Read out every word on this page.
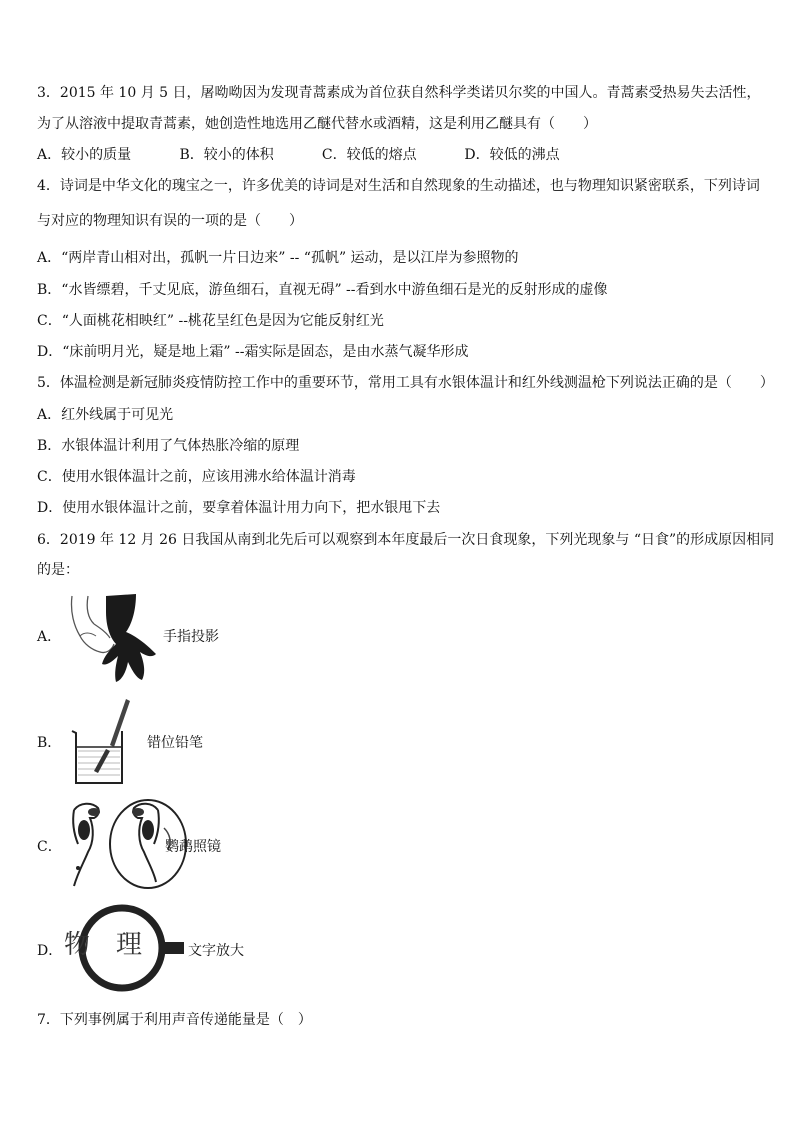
3．2015 年 10 月 5 日，屠呦呦因为发现青蒿素成为首位获自然科学类诺贝尔奖的中国人。青蒿素受热易失去活性，
为了从溶液中提取青蒿素，她创造性地选用乙醚代替水或酒精，这是利用乙醚具有（　　）
A．较小的质量	B．较小的体积	C．较低的熔点	D．较低的沸点
4．诗词是中华文化的瑰宝之一，许多优美的诗词是对生活和自然现象的生动描述，也与物理知识紧密联系，下列诗词
与对应的物理知识有误的一项的是（　　）
A．“两岸青山相对出，孤帆一片日边来” -- “孤帆” 运动，是以江岸为参照物的
B．“水皆缥碧，千丈见底，游鱼细石，直视无碍” --看到水中游鱼细石是光的反射形成的虚像
C．“人面桃花相映红” --桃花呈红色是因为它能反射红光
D．“床前明月光，疑是地上霜” --霜实际是固态，是由水蒸气凝华形成
5．体温检测是新冠肺炎疫情防控工作中的重要环节，常用工具有水银体温计和红外线测温枪下列说法正确的是（　　）
A．红外线属于可见光
B．水银体温计利用了气体热胀冷缩的原理
C．使用水银体温计之前，应该用沸水给体温计消毒
D．使用水银体温计之前，要拿着体温计用力向下，把水银甩下去
6．2019 年 12 月 26 日我国从南到北先后可以观察到本年度最后一次日食现象，下列光现象与 “日食”的形成原因相同
的是：
A．	手指投影
B．	错位铅笔
C．	鹦鹉照镜
D． 物　理	文字放大
7．下列事例属于利用声音传递能量是（　）
